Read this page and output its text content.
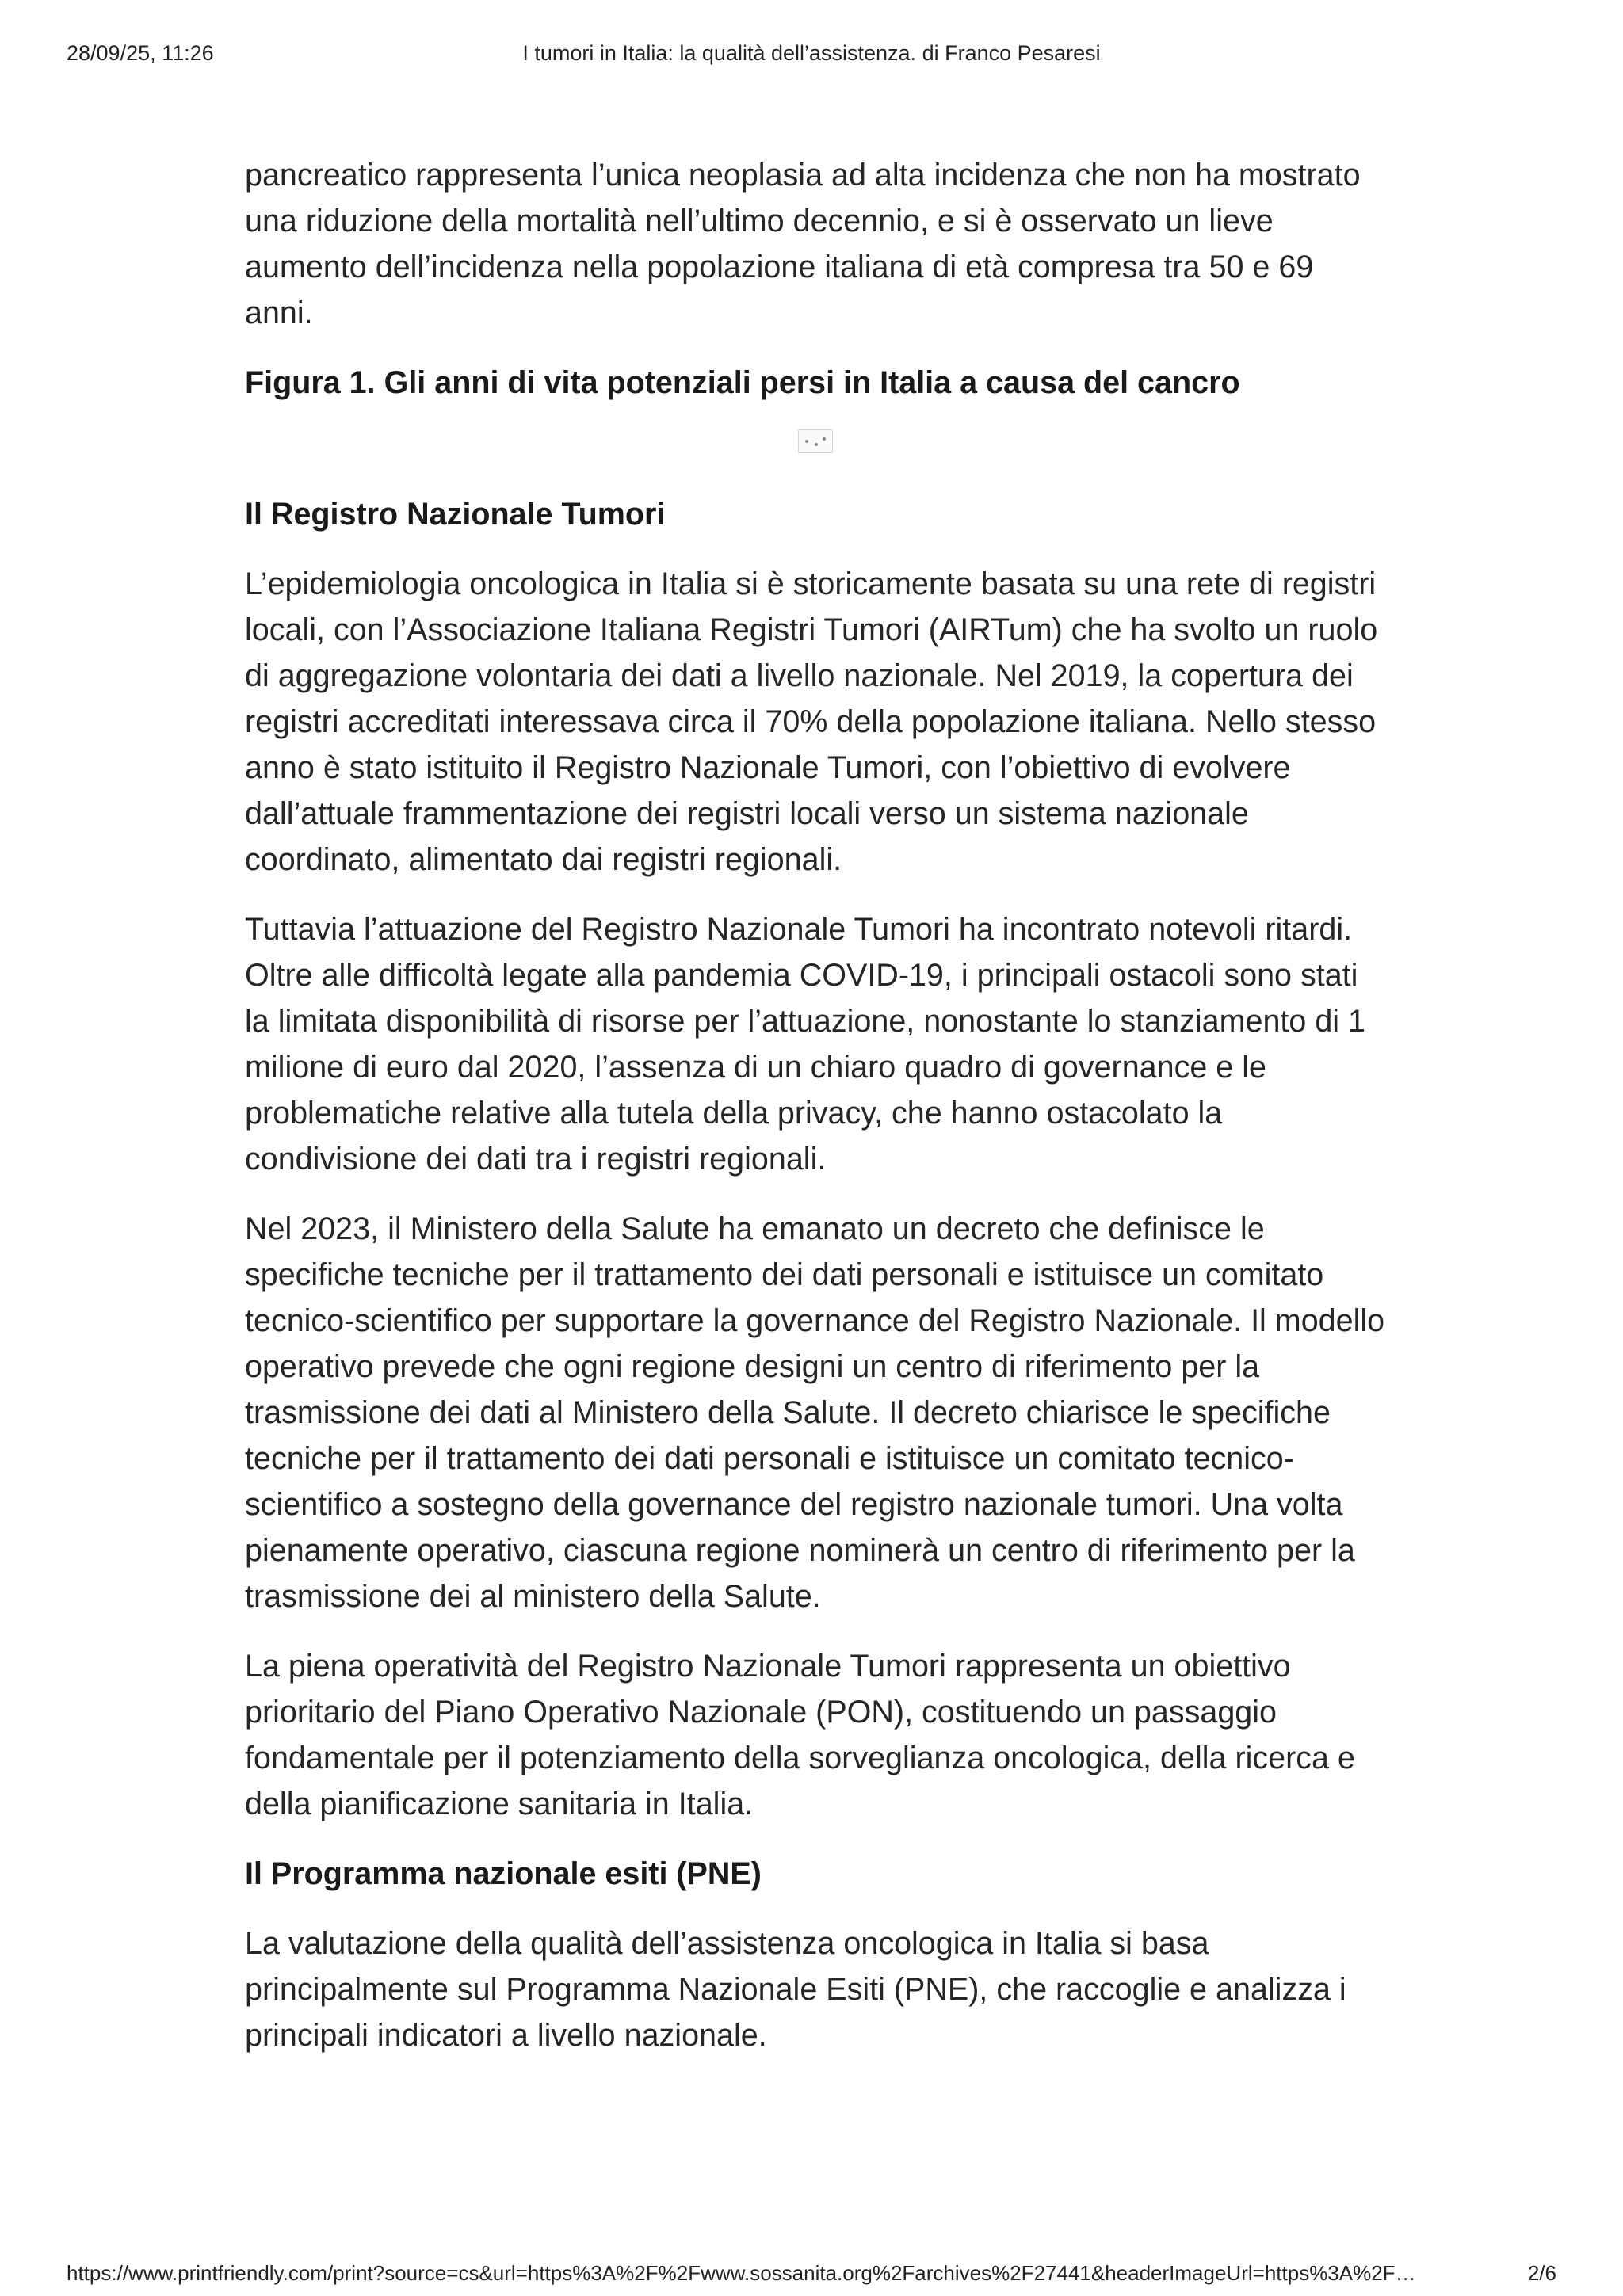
28/09/25, 11:26	I tumori in Italia: la qualità dell’assistenza. di Franco Pesaresi

pancreatico rappresenta l’unica neoplasia ad alta incidenza che non ha mostrato una riduzione della mortalità nell’ultimo decennio, e si è osservato un lieve aumento dell’incidenza nella popolazione italiana di età compresa tra 50 e 69 anni.

Figura 1. Gli anni di vita potenziali persi in Italia a causa del cancro
Il Registro Nazionale Tumori

L’epidemiologia oncologica in Italia si è storicamente basata su una rete di registri locali, con l’Associazione Italiana Registri Tumori (AIRTum) che ha svolto un ruolo di aggregazione volontaria dei dati a livello nazionale. Nel 2019, la copertura dei registri accreditati interessava circa il 70% della popolazione italiana. Nello stesso anno è stato istituito il Registro Nazionale Tumori, con l’obiettivo di evolvere dall’attuale frammentazione dei registri locali verso un sistema nazionale coordinato, alimentato dai registri regionali.

Tuttavia l’attuazione del Registro Nazionale Tumori ha incontrato notevoli ritardi. Oltre alle difficoltà legate alla pandemia COVID-19, i principali ostacoli sono stati la limitata disponibilità di risorse per l’attuazione, nonostante lo stanziamento di 1 milione di euro dal 2020, l’assenza di un chiaro quadro di governance e le problematiche relative alla tutela della privacy, che hanno ostacolato la condivisione dei dati tra i registri regionali.

Nel 2023, il Ministero della Salute ha emanato un decreto che definisce le specifiche tecniche per il trattamento dei dati personali e istituisce un comitato tecnico-scientifico per supportare la governance del Registro Nazionale. Il modello operativo prevede che ogni regione designi un centro di riferimento per la trasmissione dei dati al Ministero della Salute. Il decreto chiarisce le specifiche tecniche per il trattamento dei dati personali e istituisce un comitato tecnico-scientifico a sostegno della governance del registro nazionale tumori. Una volta pienamente operativo, ciascuna regione nominerà un centro di riferimento per la trasmissione dei al ministero della Salute.

La piena operatività del Registro Nazionale Tumori rappresenta un obiettivo prioritario del Piano Operativo Nazionale (PON), costituendo un passaggio fondamentale per il potenziamento della sorveglianza oncologica, della ricerca e della pianificazione sanitaria in Italia.

Il Programma nazionale esiti (PNE)

La valutazione della qualità dell’assistenza oncologica in Italia si basa principalmente sul Programma Nazionale Esiti (PNE), che raccoglie e analizza i principali indicatori a livello nazionale.

https://www.printfriendly.com/print?source=cs&url=https%3A%2F%2Fwww.sossanita.org%2Farchives%2F27441&headerImageUrl=https%3A%2F…	2/6
